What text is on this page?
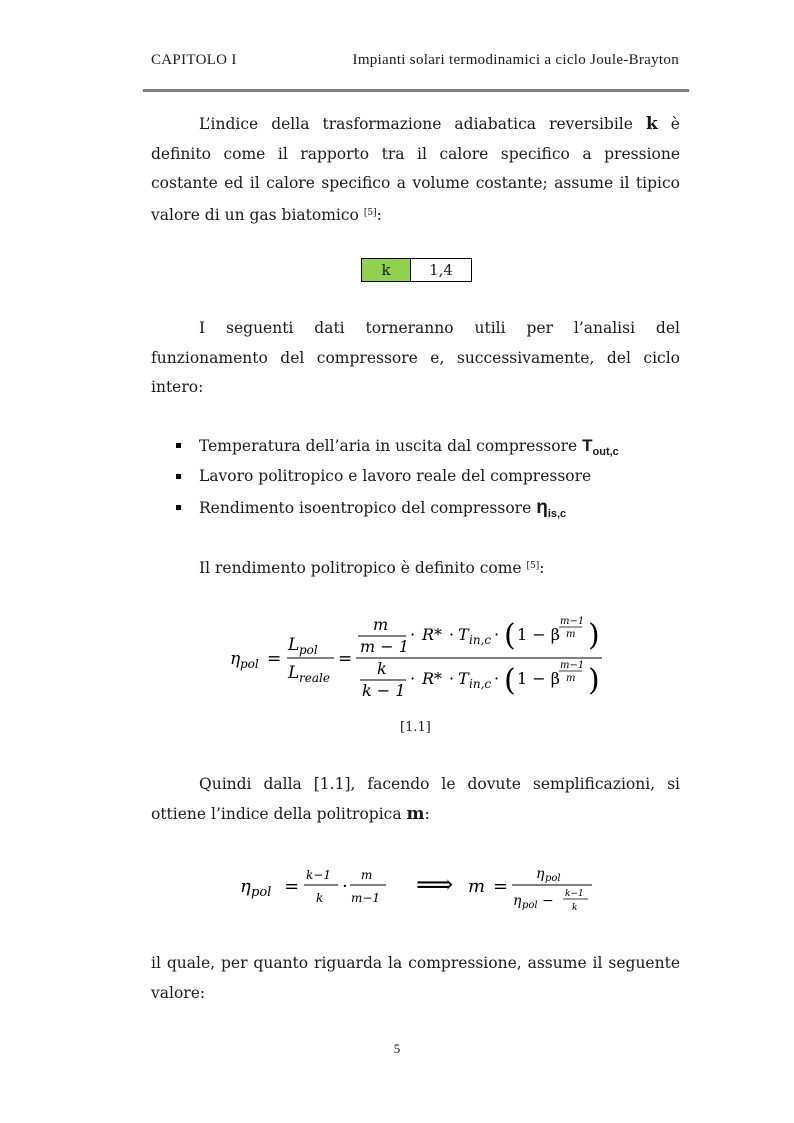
CAPITOLO I	Impianti solari termodinamici a ciclo Joule-Brayton
L’indice della trasformazione adiabatica reversibile k è definito come il rapporto tra il calore specifico a pressione costante ed il calore specifico a volume costante; assume il tipico valore di un gas biatomico [5]:
k	1,4
I seguenti dati torneranno utili per l’analisi del funzionamento del compressore e, successivamente, del ciclo intero:
Temperatura dell’aria in uscita dal compressore $T_{out,c}$
Lavoro politropico e lavoro reale del compressore
Rendimento isoentropico del compressore $\eta_{is,c}$
Il rendimento politropico è definito come [5]:
η pol =
L pol
L reale
=
m
m − 1
· R* · T in,c · ( 1 − β
m−1
m )
k
k − 1
· R* · T in,c · ( 1 − β
m−1
m )
[1.1]
Quindi dalla [1.1], facendo le dovute semplificazioni, si ottiene l’indice della politropica m:
η pol =
k−1
k
·
m
m−1 ⟹ m =
η pol
η pol − k−1
k
il quale, per quanto riguarda la compressione, assume il seguente valore:
5
